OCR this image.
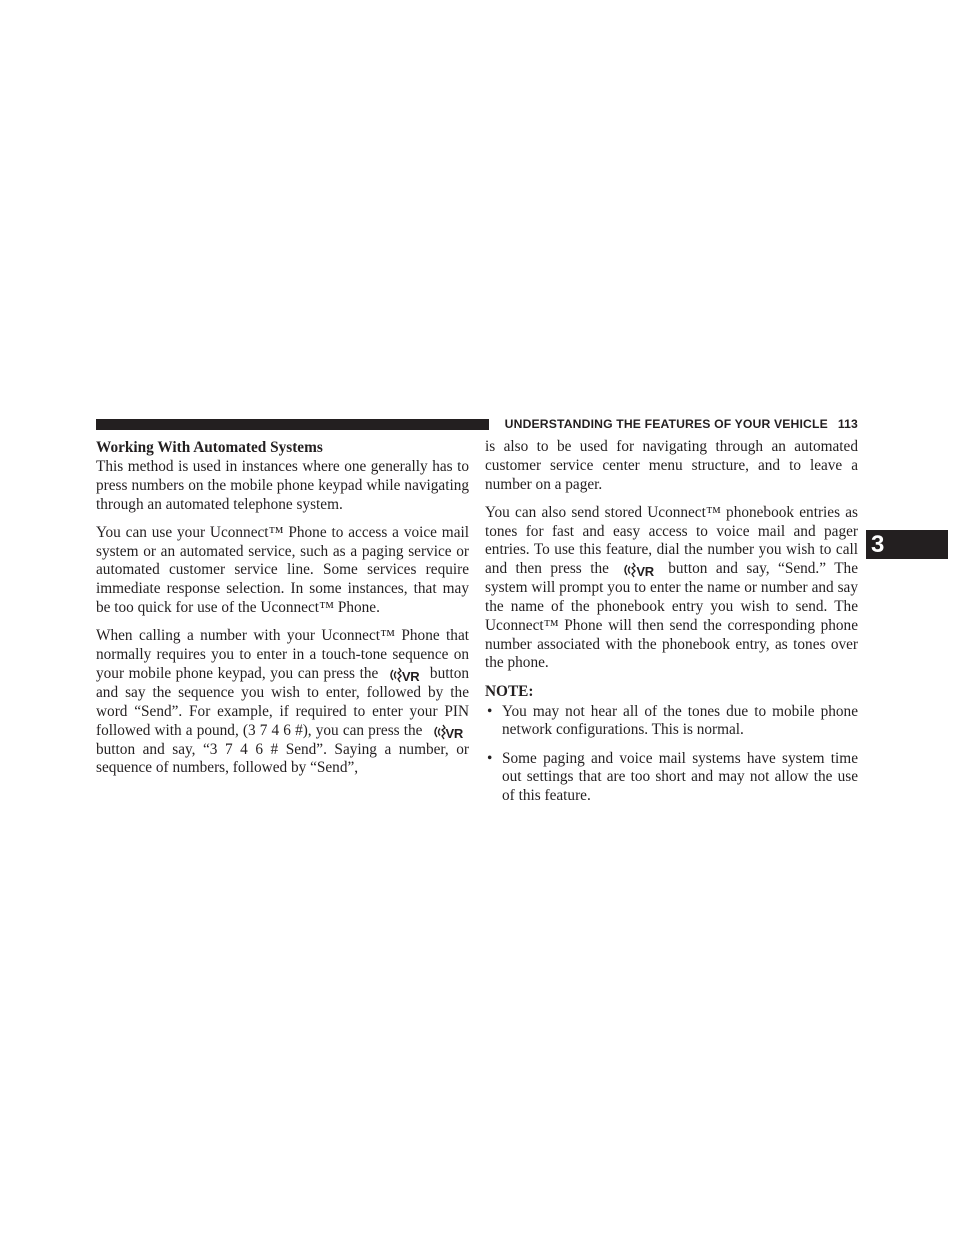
UNDERSTANDING THE FEATURES OF YOUR VEHICLE 113
3
Working With Automated Systems

This method is used in instances where one generally has to press numbers on the mobile phone keypad while navigating through an automated telephone system.

You can use your Uconnect™ Phone to access a voice mail system or an automated service, such as a paging service or automated customer service line. Some services require immediate response selection. In some instances, that may be too quick for use of the Uconnect™ Phone.

When calling a number with your Uconnect™ Phone that normally requires you to enter in a touch-tone sequence on your mobile phone keypad, you can press the VR button and say the sequence you wish to enter, followed by the word “Send”. For example, if required to enter your PIN followed with a pound, (3 7 4 6 #), you can press the VR button and say, “3 7 4 6 # Send”. Saying a number, or sequence of numbers, followed by “Send”,

is also to be used for navigating through an automated customer service center menu structure, and to leave a number on a pager.

You can also send stored Uconnect™ phonebook entries as tones for fast and easy access to voice mail and pager entries. To use this feature, dial the number you wish to call and then press the VR button and say, “Send.” The system will prompt you to enter the name or number and say the name of the phonebook entry you wish to send. The Uconnect™ Phone will then send the corresponding phone number associated with the phonebook entry, as tones over the phone.

NOTE:
• You may not hear all of the tones due to mobile phone network configurations. This is normal.
• Some paging and voice mail systems have system time out settings that are too short and may not allow the use of this feature.
